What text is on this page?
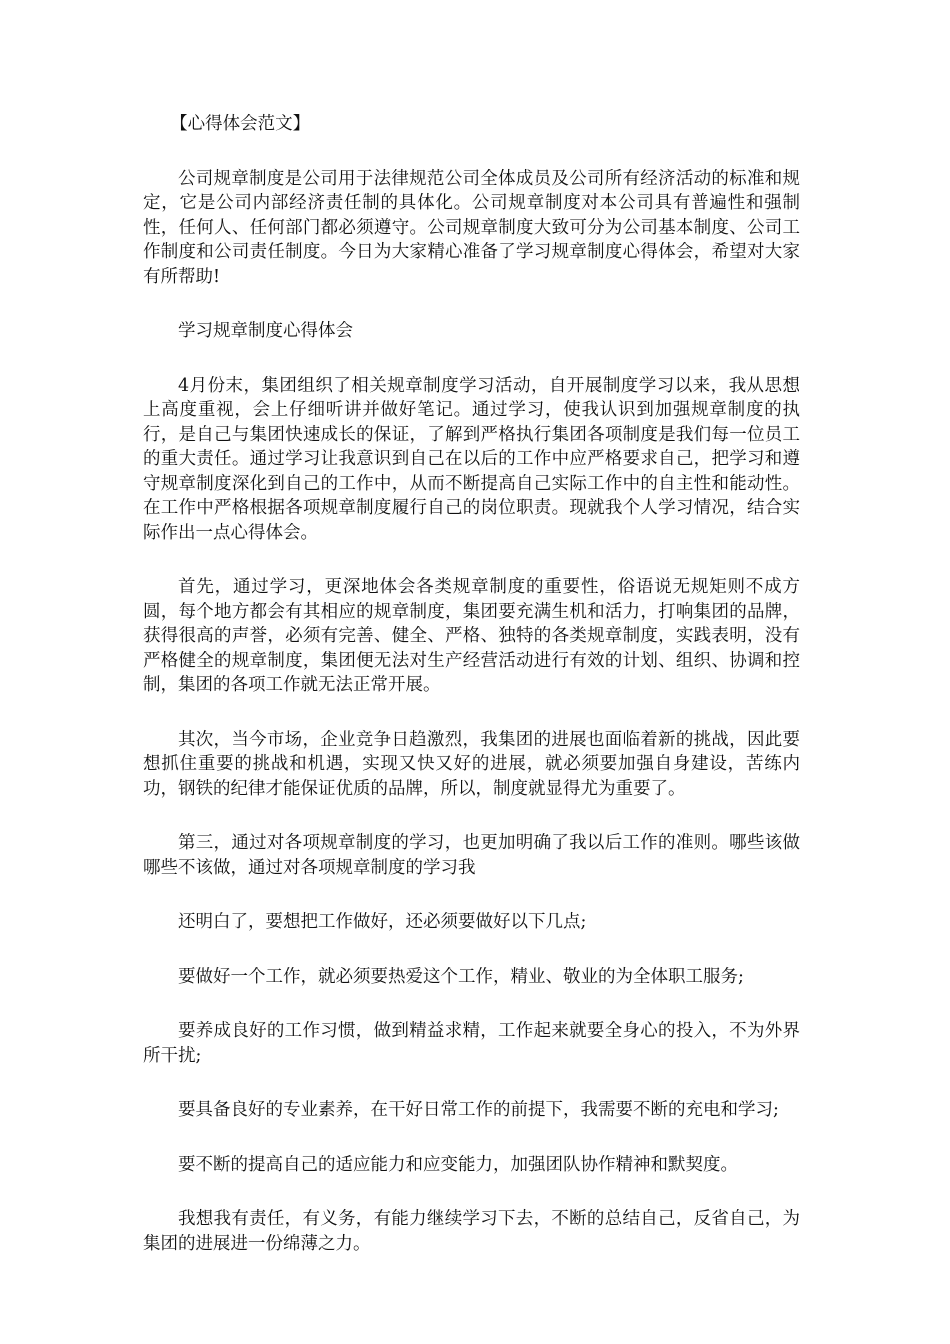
【心得体会范文】

公司规章制度是公司用于法律规范公司全体成员及公司所有经济活动的标准和规定，它是公司内部经济责任制的具体化。公司规章制度对本公司具有普遍性和强制性，任何人、任何部门都必须遵守。公司规章制度大致可分为公司基本制度、公司工作制度和公司责任制度。今日为大家精心准备了学习规章制度心得体会，希望对大家有所帮助!

学习规章制度心得体会

4月份末，集团组织了相关规章制度学习活动，自开展制度学习以来，我从思想上高度重视，会上仔细听讲并做好笔记。通过学习，使我认识到加强规章制度的执行，是自己与集团快速成长的保证，了解到严格执行集团各项制度是我们每一位员工的重大责任。通过学习让我意识到自己在以后的工作中应严格要求自己，把学习和遵守规章制度深化到自己的工作中，从而不断提高自己实际工作中的自主性和能动性。在工作中严格根据各项规章制度履行自己的岗位职责。现就我个人学习情况，结合实际作出一点心得体会。

首先，通过学习，更深地体会各类规章制度的重要性，俗语说无规矩则不成方圆，每个地方都会有其相应的规章制度，集团要充满生机和活力，打响集团的品牌，获得很高的声誉，必须有完善、健全、严格、独特的各类规章制度，实践表明，没有严格健全的规章制度，集团便无法对生产经营活动进行有效的计划、组织、协调和控制，集团的各项工作就无法正常开展。

其次，当今市场，企业竞争日趋激烈，我集团的进展也面临着新的挑战，因此要想抓住重要的挑战和机遇，实现又快又好的进展，就必须要加强自身建设，苦练内功，钢铁的纪律才能保证优质的品牌，所以，制度就显得尤为重要了。

第三，通过对各项规章制度的学习，也更加明确了我以后工作的准则。哪些该做哪些不该做，通过对各项规章制度的学习我

还明白了，要想把工作做好，还必须要做好以下几点;

要做好一个工作，就必须要热爱这个工作，精业、敬业的为全体职工服务;

要养成良好的工作习惯，做到精益求精，工作起来就要全身心的投入，不为外界所干扰;

要具备良好的专业素养，在干好日常工作的前提下，我需要不断的充电和学习;

要不断的提高自己的适应能力和应变能力，加强团队协作精神和默契度。

我想我有责任，有义务，有能力继续学习下去，不断的总结自己，反省自己，为集团的进展进一份绵薄之力。
